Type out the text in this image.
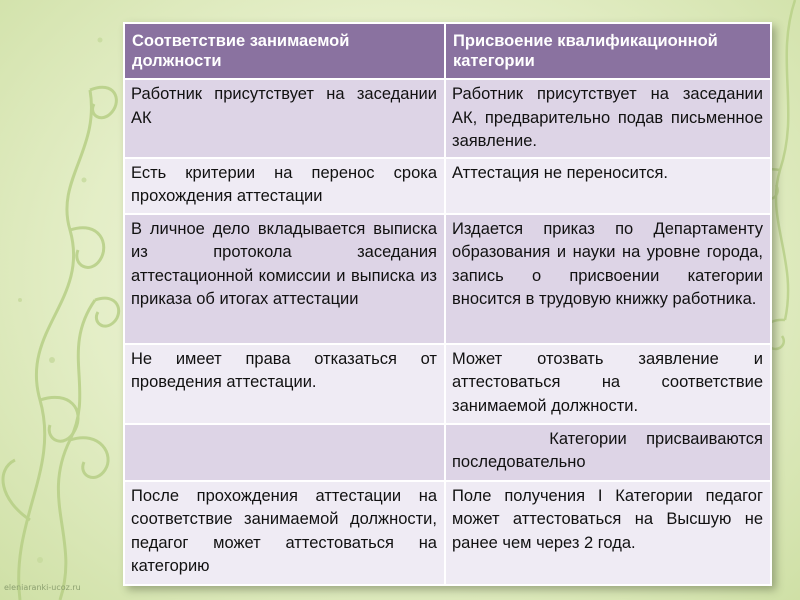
Соответствие занимаемой должности	Присвоение квалификационной категории
Работник присутствует на заседании АК	Работник присутствует на заседании АК, предварительно подав письменное заявление.
Есть критерии на перенос срока прохождения аттестации	Аттестация не переносится.
В личное дело вкладывается выписка из протокола заседания аттестационной комиссии и выписка из приказа об итогах аттестации	Издается приказ по Департаменту образования и науки на уровне города, запись о присвоении категории вносится в трудовую книжку работника.
Не имеет права отказаться от проведения аттестации.	Может отозвать заявление и аттестоваться на соответствие занимаемой должности.
	Категории присваиваются последовательно
После прохождения аттестации на соответствие занимаемой должности, педагог может аттестоваться на категорию	Поле получения I Категории педагог может аттестоваться на Высшую не ранее чем через 2 года.
eleniaranki-ucoz.ru
